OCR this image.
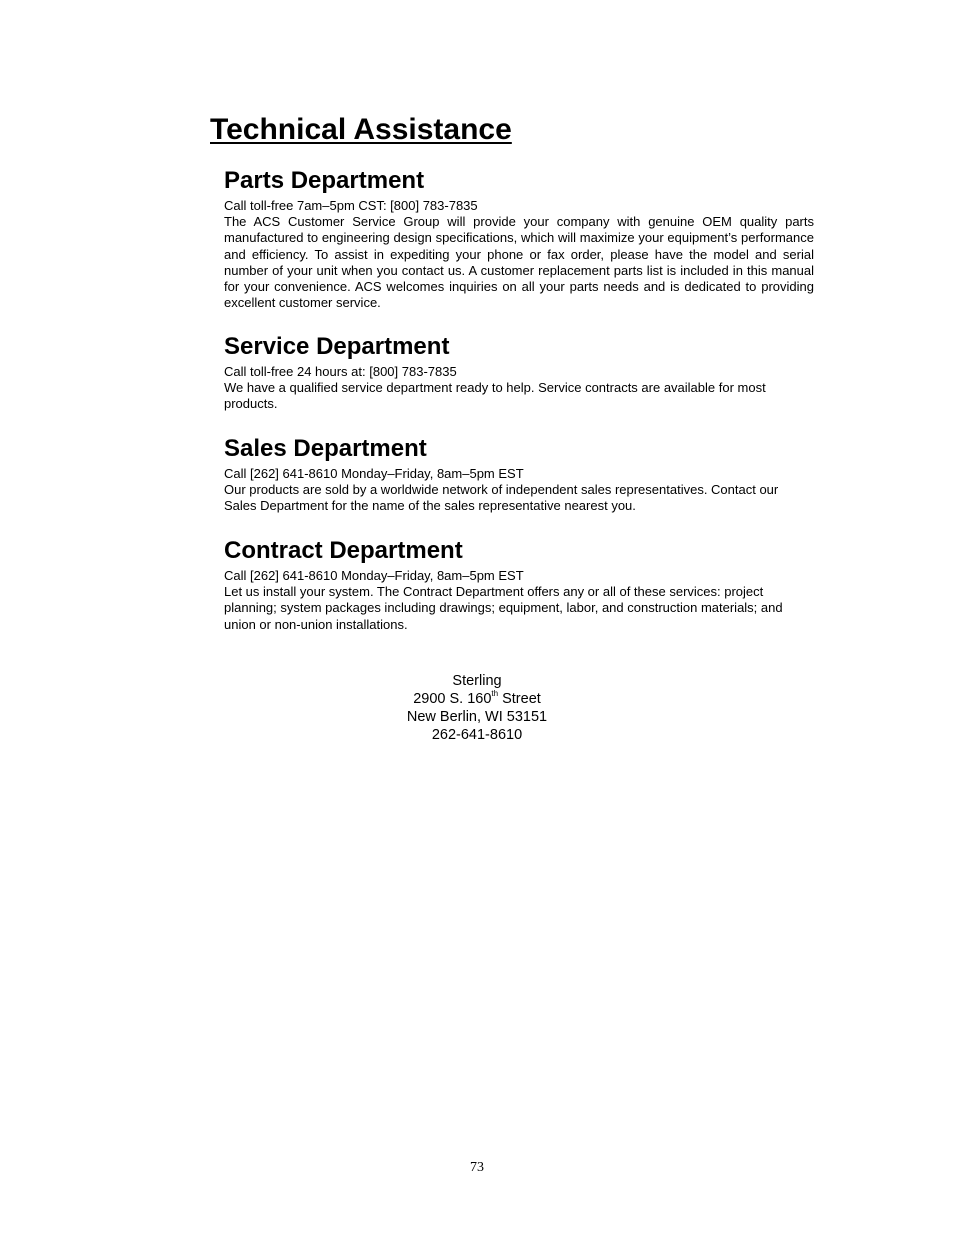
Technical Assistance
Parts Department

Call toll-free 7am–5pm CST: [800] 783-7835

The ACS Customer Service Group will provide your company with genuine OEM quality parts manufactured to engineering design specifications, which will maximize your equipment’s performance and efficiency. To assist in expediting your phone or fax order, please have the model and serial number of your unit when you contact us. A customer replacement parts list is included in this manual for your convenience. ACS welcomes inquiries on all your parts needs and is dedicated to providing excellent customer service.

Service Department

Call toll-free 24 hours at: [800] 783-7835

We have a qualified service department ready to help. Service contracts are available for most products.

Sales Department

Call [262] 641-8610 Monday–Friday, 8am–5pm EST

Our products are sold by a worldwide network of independent sales representatives. Contact our Sales Department for the name of the sales representative nearest you.

Contract Department

Call [262] 641-8610 Monday–Friday, 8am–5pm EST

Let us install your system. The Contract Department offers any or all of these services: project planning; system packages including drawings; equipment, labor, and construction materials; and union or non-union installations.

Sterling
2900 S. 160th Street
New Berlin, WI 53151
262-641-8610
73
